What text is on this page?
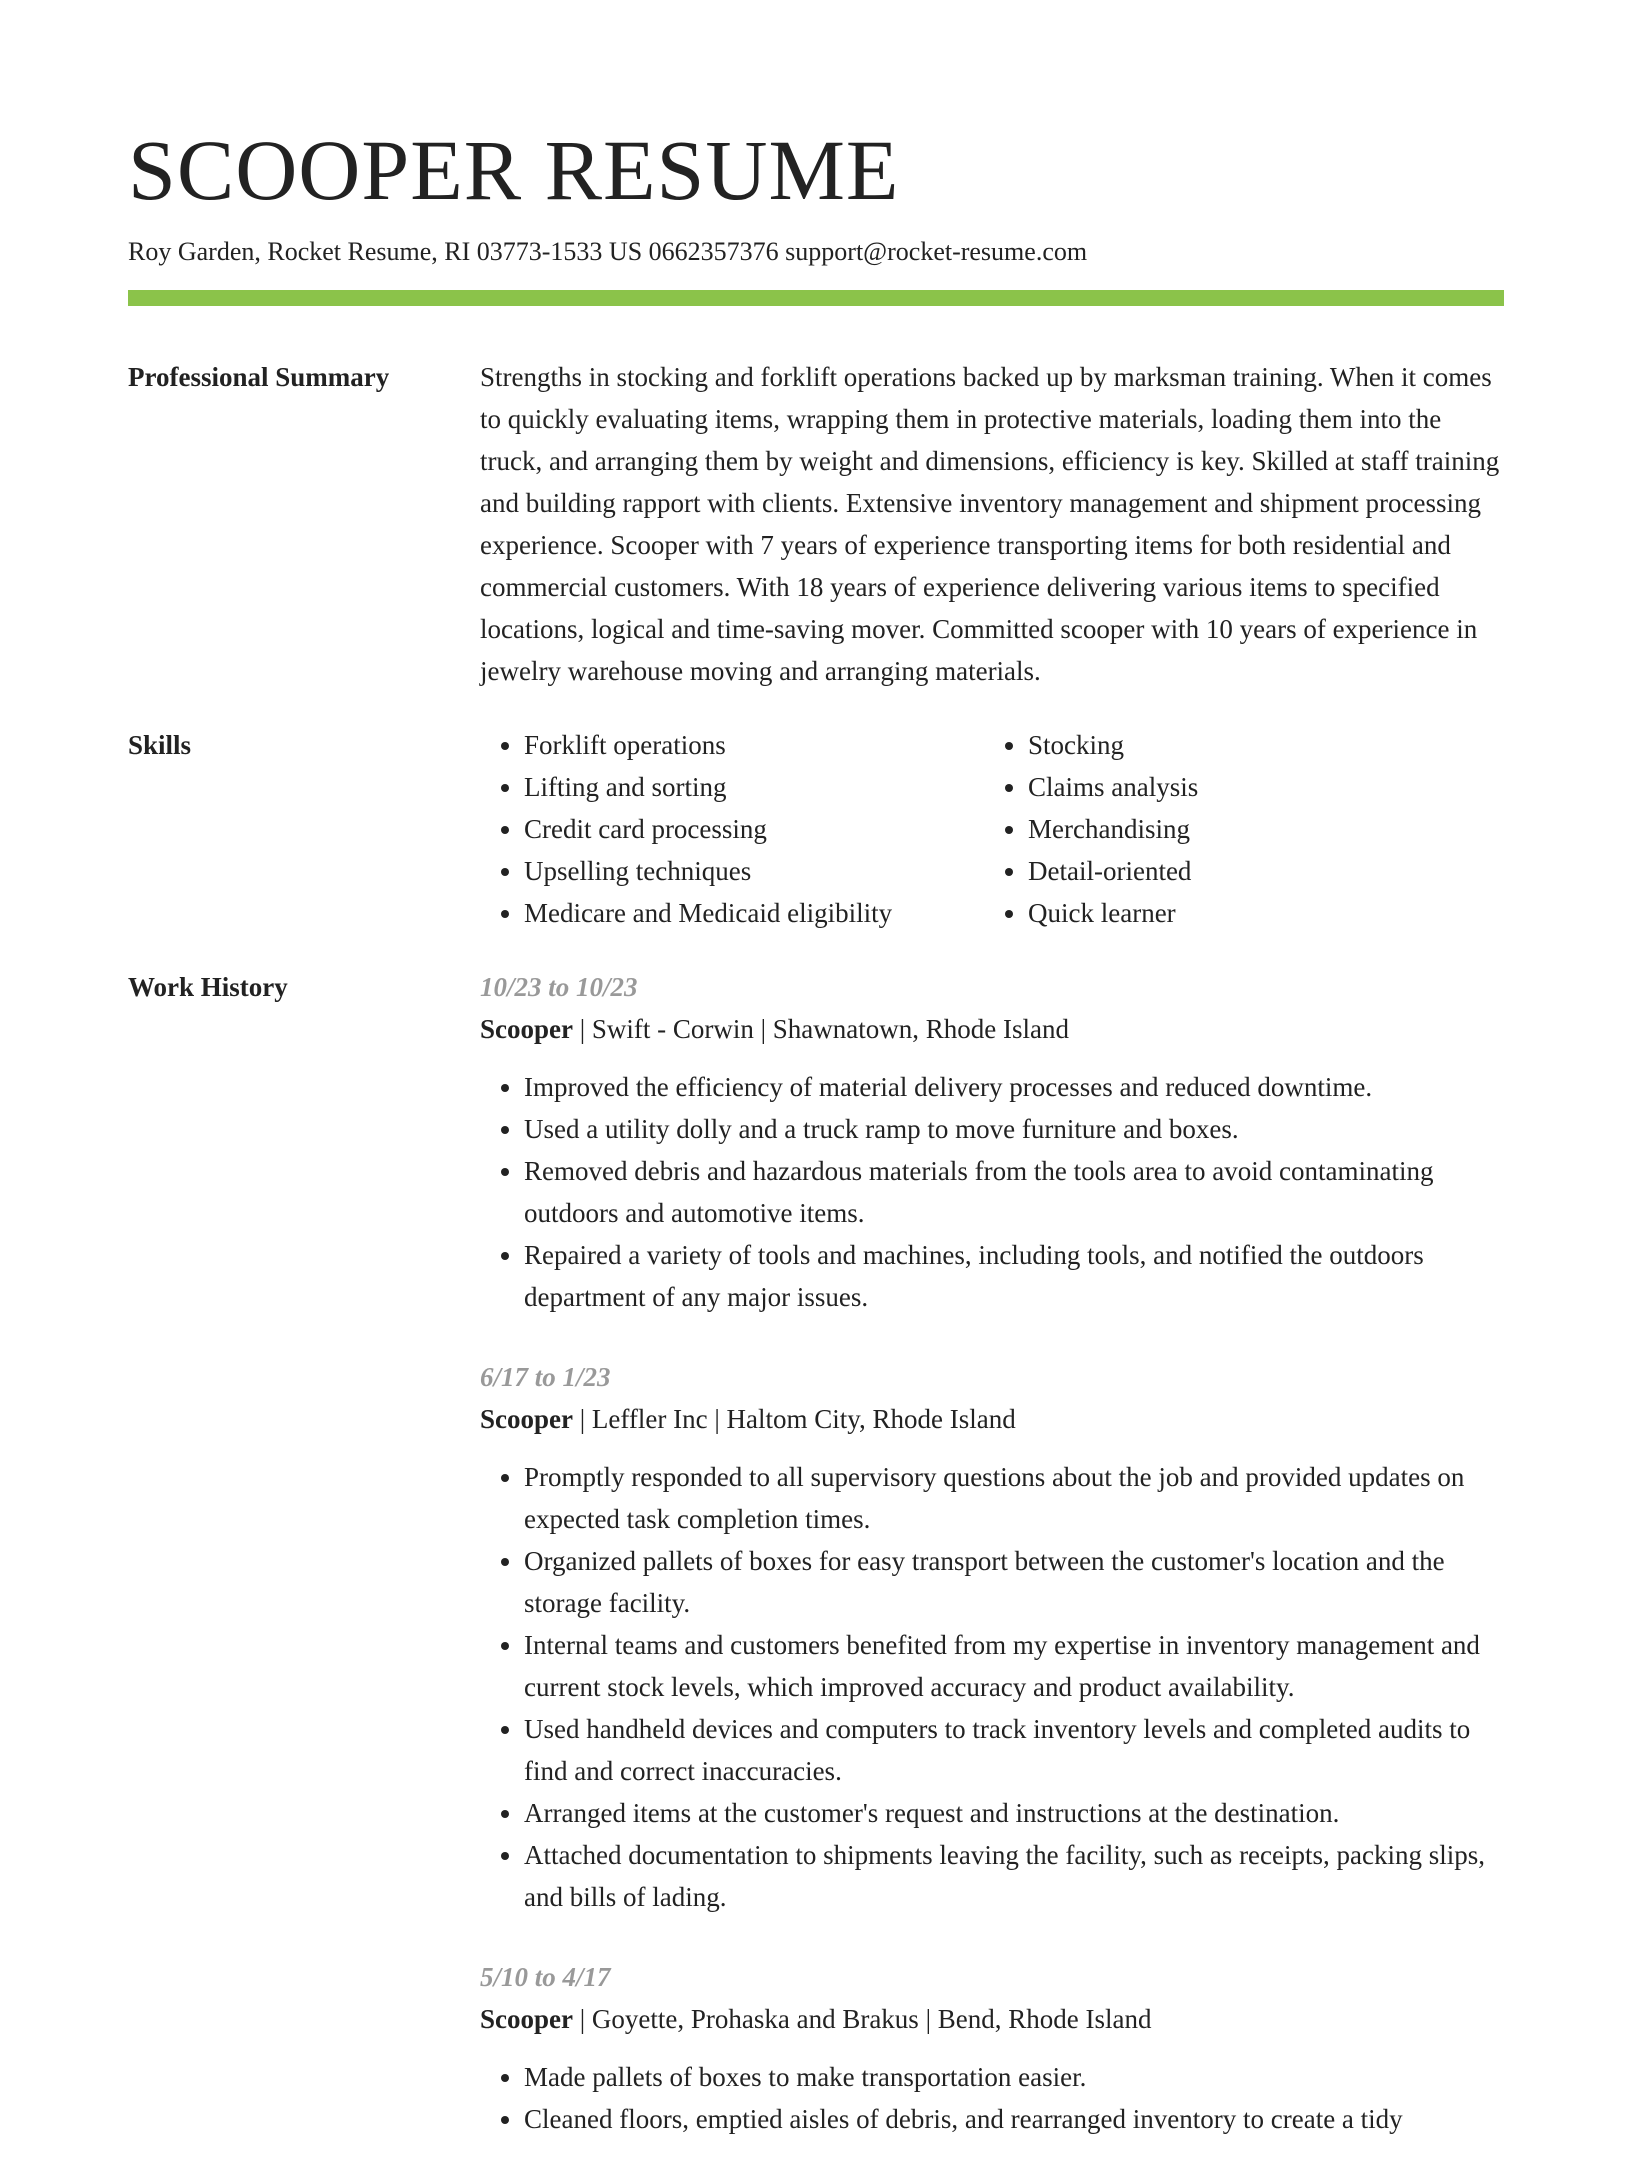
SCOOPER RESUME
Roy Garden, Rocket Resume, RI 03773-1533 US 0662357376 support@rocket-resume.com
Professional Summary	Strengths in stocking and forklift operations backed up by marksman training. When it comes to quickly evaluating items, wrapping them in protective materials, loading them into the truck, and arranging them by weight and dimensions, efficiency is key. Skilled at staff training and building rapport with clients. Extensive inventory management and shipment processing experience. Scooper with 7 years of experience transporting items for both residential and commercial customers. With 18 years of experience delivering various items to specified locations, logical and time-saving mover. Committed scooper with 10 years of experience in jewelry warehouse moving and arranging materials.

Skills
•	Forklift operations
• Lifting and sorting
• Credit card processing
• Upselling techniques
• Medicare and Medicaid eligibility
• Stocking
• Claims analysis
• Merchandising
• Detail-oriented
• Quick learner
Work History	10/23 to 10/23
Scooper | Swift - Corwin | Shawnatown, Rhode Island
• Improved the efficiency of material delivery processes and reduced downtime.
• Used a utility dolly and a truck ramp to move furniture and boxes.
• Removed debris and hazardous materials from the tools area to avoid contaminating outdoors and automotive items.
• Repaired a variety of tools and machines, including tools, and notified the outdoors department of any major issues.
6/17 to 1/23
Scooper | Leffler Inc | Haltom City, Rhode Island
• Promptly responded to all supervisory questions about the job and provided updates on expected task completion times.
• Organized pallets of boxes for easy transport between the customer's location and the storage facility.
• Internal teams and customers benefited from my expertise in inventory management and current stock levels, which improved accuracy and product availability.
• Used handheld devices and computers to track inventory levels and completed audits to find and correct inaccuracies.
• Arranged items at the customer's request and instructions at the destination.
• Attached documentation to shipments leaving the facility, such as receipts, packing slips, and bills of lading.
5/10 to 4/17
Scooper | Goyette, Prohaska and Brakus | Bend, Rhode Island
• Made pallets of boxes to make transportation easier.
• Cleaned floors, emptied aisles of debris, and rearranged inventory to create a tidy
